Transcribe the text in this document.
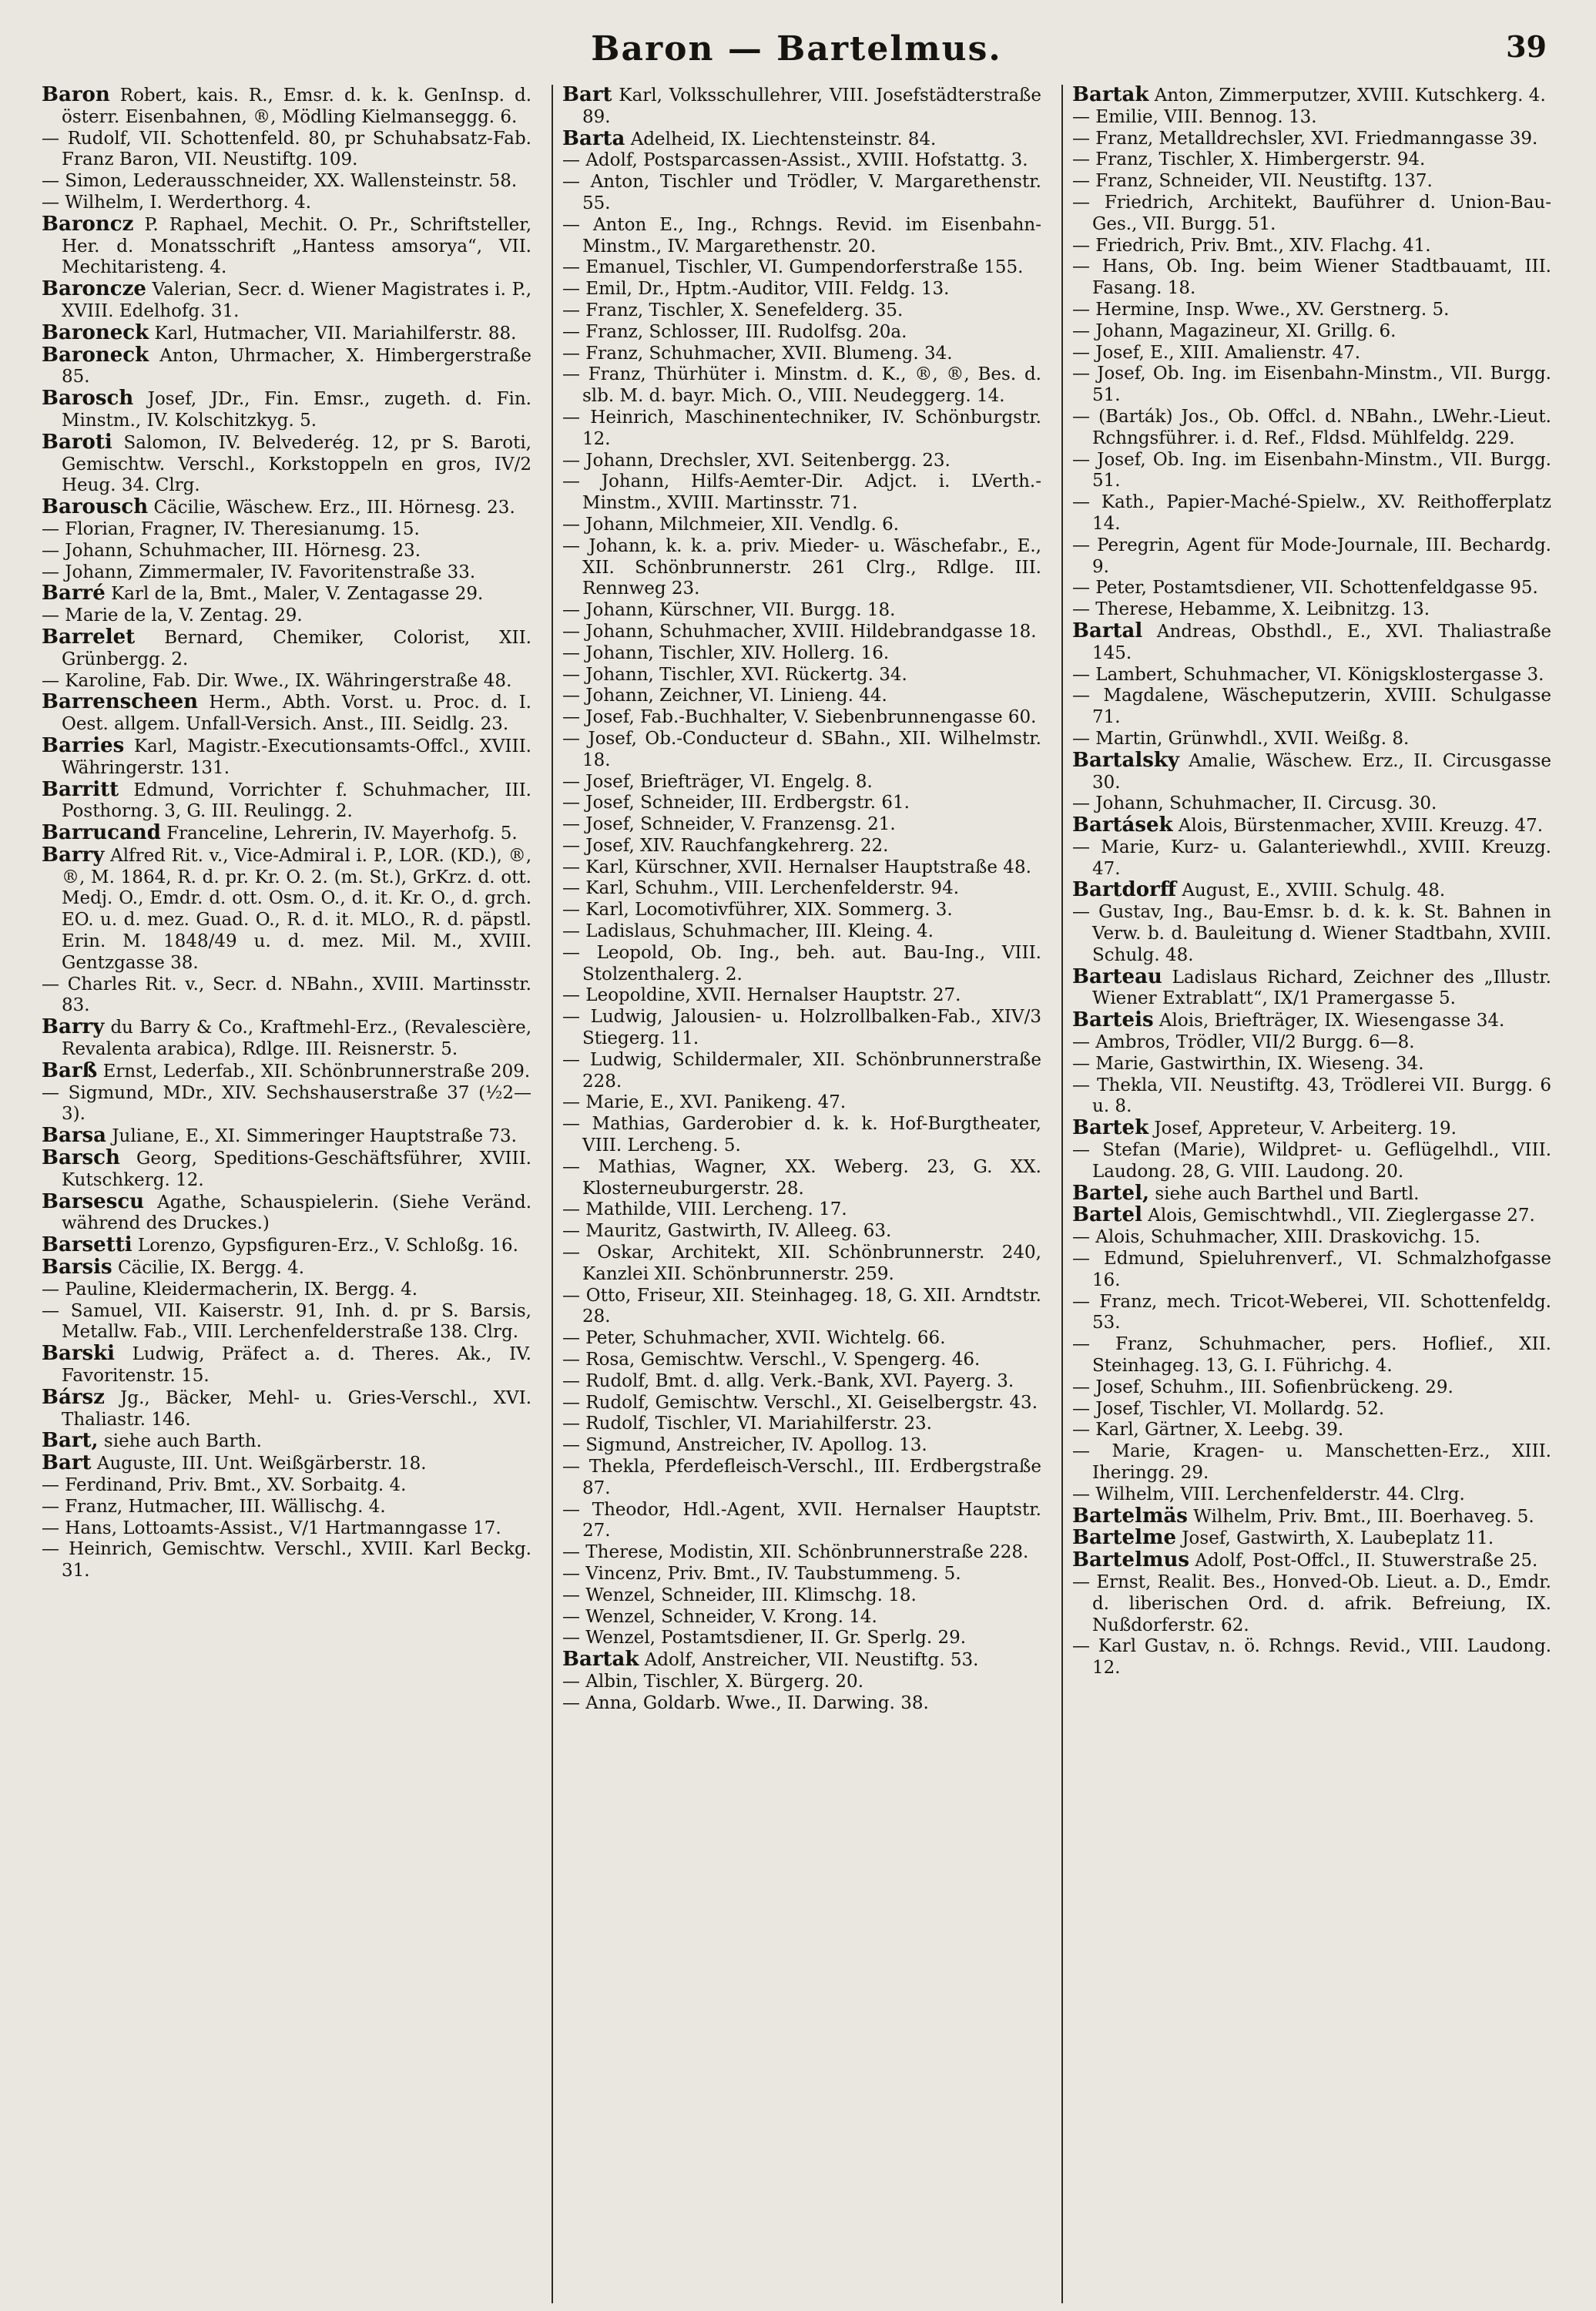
Baron — Bartelmus.	39

Baron Robert, kais. R., Emsr. d. k. k. GenInsp. d. österr. Eisenbahnen, ®, Mödling Kielmanseggg. 6.

— Rudolf, VII. Schottenfeld. 80, pr Schuhabsatz-Fab. Franz Baron, VII. Neustiftg. 109.

— Simon, Lederausschneider, XX. Wallensteinstr. 58.

— Wilhelm, I. Werderthorg. 4.

Baroncz P. Raphael, Mechit. O. Pr., Schriftsteller, Her. d. Monatsschrift „Hantess amsorya“, VII. Mechitaristeng. 4.

Baroncze Valerian, Secr. d. Wiener Magistrates i. P., XVIII. Edelhofg. 31.

Baroneck Karl, Hutmacher, VII. Mariahilferstr. 88.

Baroneck Anton, Uhrmacher, X. Himbergerstraße 85.

Barosch Josef, JDr., Fin. Emsr., zugeth. d. Fin. Minstm., IV. Kolschitzkyg. 5.

Baroti Salomon, IV. Belvederég. 12, pr S. Baroti, Gemischtw. Verschl., Korkstoppeln en gros, IV/2 Heug. 34. Clrg.

Barousch Cäcilie, Wäschew. Erz., III. Hörnesg. 23.

— Florian, Fragner, IV. Theresianumg. 15.

— Johann, Schuhmacher, III. Hörnesg. 23.

— Johann, Zimmermaler, IV. Favoritenstraße 33.

Barré Karl de la, Bmt., Maler, V. Zentagasse 29.

— Marie de la, V. Zentag. 29.

Barrelet Bernard, Chemiker, Colorist, XII. Grünbergg. 2.

— Karoline, Fab. Dir. Wwe., IX. Währingerstraße 48.

Barrenscheen Herm., Abth. Vorst. u. Proc. d. I. Oest. allgem. Unfall-Versich. Anst., III. Seidlg. 23.

Barries Karl, Magistr.-Executionsamts-Offcl., XVIII. Währingerstr. 131.

Barritt Edmund, Vorrichter f. Schuhmacher, III. Posthorng. 3, G. III. Reulingg. 2.

Barrucand Franceline, Lehrerin, IV. Mayerhofg. 5.

Barry Alfred Rit. v., Vice-Admiral i. P., LOR. (KD.), ®, ®, M. 1864, R. d. pr. Kr. O. 2. (m. St.), GrKrz. d. ott. Medj. O., Emdr. d. ott. Osm. O., d. it. Kr. O., d. grch. EO. u. d. mez. Guad. O., R. d. it. MLO., R. d. päpstl. Erin. M. 1848/49 u. d. mez. Mil. M., XVIII. Gentzgasse 38.

— Charles Rit. v., Secr. d. NBahn., XVIII. Martinsstr. 83.

Barry du Barry & Co., Kraftmehl-Erz., (Revalescière, Revalenta arabica), Rdlge. III. Reisnerstr. 5.

Barß Ernst, Lederfab., XII. Schönbrunnerstraße 209.

— Sigmund, MDr., XIV. Sechshauserstraße 37 (½2—3).

Barsa Juliane, E., XI. Simmeringer Hauptstraße 73.

Barsch Georg, Speditions-Geschäftsführer, XVIII. Kutschkerg. 12.

Barsescu Agathe, Schauspielerin. (Siehe Veränd. während des Druckes.)

Barsetti Lorenzo, Gypsfiguren-Erz., V. Schloßg. 16.

Barsis Cäcilie, IX. Bergg. 4.

— Pauline, Kleidermacherin, IX. Bergg. 4.

— Samuel, VII. Kaiserstr. 91, Inh. d. pr S. Barsis, Metallw. Fab., VIII. Lerchenfelderstraße 138. Clrg.

Barski Ludwig, Präfect a. d. Theres. Ak., IV. Favoritenstr. 15.

Bársz Jg., Bäcker, Mehl- u. Gries-Verschl., XVI. Thaliastr. 146.

Bart, siehe auch Barth.

Bart Auguste, III. Unt. Weißgärberstr. 18.

— Ferdinand, Priv. Bmt., XV. Sorbaitg. 4.

— Franz, Hutmacher, III. Wällischg. 4.

— Hans, Lottoamts-Assist., V/1 Hartmanngasse 17.

— Heinrich, Gemischtw. Verschl., XVIII. Karl Beckg. 31.

Bart Karl, Volksschullehrer, VIII. Josefstädterstraße 89.

Barta Adelheid, IX. Liechtensteinstr. 84.

— Adolf, Postsparcassen-Assist., XVIII. Hofstattg. 3.

— Anton, Tischler und Trödler, V. Margarethenstr. 55.

— Anton E., Ing., Rchngs. Revid. im Eisenbahn-Minstm., IV. Margarethenstr. 20.

— Emanuel, Tischler, VI. Gumpendorferstraße 155.

— Emil, Dr., Hptm.-Auditor, VIII. Feldg. 13.

— Franz, Tischler, X. Senefelderg. 35.

— Franz, Schlosser, III. Rudolfsg. 20a.

— Franz, Schuhmacher, XVII. Blumeng. 34.

— Franz, Thürhüter i. Minstm. d. K., ®, ®, Bes. d. slb. M. d. bayr. Mich. O., VIII. Neudeggerg. 14.

— Heinrich, Maschinentechniker, IV. Schönburgstr. 12.

— Johann, Drechsler, XVI. Seitenbergg. 23.

— Johann, Hilfs-Aemter-Dir. Adjct. i. LVerth.-Minstm., XVIII. Martinsstr. 71.

— Johann, Milchmeier, XII. Vendlg. 6.

— Johann, k. k. a. priv. Mieder- u. Wäschefabr., E., XII. Schönbrunnerstr. 261 Clrg., Rdlge. III. Rennweg 23.

— Johann, Kürschner, VII. Burgg. 18.

— Johann, Schuhmacher, XVIII. Hildebrandgasse 18.

— Johann, Tischler, XIV. Hollerg. 16.

— Johann, Tischler, XVI. Rückertg. 34.

— Johann, Zeichner, VI. Linieng. 44.

— Josef, Fab.-Buchhalter, V. Siebenbrunnengasse 60.

— Josef, Ob.-Conducteur d. SBahn., XII. Wilhelmstr. 18.

— Josef, Briefträger, VI. Engelg. 8.

— Josef, Schneider, III. Erdbergstr. 61.

— Josef, Schneider, V. Franzensg. 21.

— Josef, XIV. Rauchfangkehrerg. 22.

— Karl, Kürschner, XVII. Hernalser Hauptstraße 48.

— Karl, Schuhm., VIII. Lerchenfelderstr. 94.

— Karl, Locomotivführer, XIX. Sommerg. 3.

— Ladislaus, Schuhmacher, III. Kleing. 4.

— Leopold, Ob. Ing., beh. aut. Bau-Ing., VIII. Stolzenthalerg. 2.

— Leopoldine, XVII. Hernalser Hauptstr. 27.

— Ludwig, Jalousien- u. Holzrollbalken-Fab., XIV/3 Stiegerg. 11.

— Ludwig, Schildermaler, XII. Schönbrunnerstraße 228.

— Marie, E., XVI. Panikeng. 47.

— Mathias, Garderobier d. k. k. Hof-Burgtheater, VIII. Lercheng. 5.

— Mathias, Wagner, XX. Weberg. 23, G. XX. Klosterneuburgerstr. 28.

— Mathilde, VIII. Lercheng. 17.

— Mauritz, Gastwirth, IV. Alleeg. 63.

— Oskar, Architekt, XII. Schönbrunnerstr. 240, Kanzlei XII. Schönbrunnerstr. 259.

— Otto, Friseur, XII. Steinhageg. 18, G. XII. Arndtstr. 28.

— Peter, Schuhmacher, XVII. Wichtelg. 66.

— Rosa, Gemischtw. Verschl., V. Spengerg. 46.

— Rudolf, Bmt. d. allg. Verk.-Bank, XVI. Payerg. 3.

— Rudolf, Gemischtw. Verschl., XI. Geiselbergstr. 43.

— Rudolf, Tischler, VI. Mariahilferstr. 23.

— Sigmund, Anstreicher, IV. Apollog. 13.

— Thekla, Pferdefleisch-Verschl., III. Erdbergstraße 87.

— Theodor, Hdl.-Agent, XVII. Hernalser Hauptstr. 27.

— Therese, Modistin, XII. Schönbrunnerstraße 228.

— Vincenz, Priv. Bmt., IV. Taubstummeng. 5.

— Wenzel, Schneider, III. Klimschg. 18.

— Wenzel, Schneider, V. Krong. 14.

— Wenzel, Postamtsdiener, II. Gr. Sperlg. 29.

Bartak Adolf, Anstreicher, VII. Neustiftg. 53.

— Albin, Tischler, X. Bürgerg. 20.

— Anna, Goldarb. Wwe., II. Darwing. 38.

Bartak Anton, Zimmerputzer, XVIII. Kutschkerg. 4.

— Emilie, VIII. Bennog. 13.

— Franz, Metalldrechsler, XVI. Friedmanngasse 39.

— Franz, Tischler, X. Himbergerstr. 94.

— Franz, Schneider, VII. Neustiftg. 137.

— Friedrich, Architekt, Bauführer d. Union-Bau-Ges., VII. Burgg. 51.

— Friedrich, Priv. Bmt., XIV. Flachg. 41.

— Hans, Ob. Ing. beim Wiener Stadtbauamt, III. Fasang. 18.

— Hermine, Insp. Wwe., XV. Gerstnerg. 5.

— Johann, Magazineur, XI. Grillg. 6.

— Josef, E., XIII. Amalienstr. 47.

— Josef, Ob. Ing. im Eisenbahn-Minstm., VII. Burgg. 51.

— (Barták) Jos., Ob. Offcl. d. NBahn., LWehr.-Lieut. Rchngsführer. i. d. Ref., Fldsd. Mühlfeldg. 229.

— Josef, Ob. Ing. im Eisenbahn-Minstm., VII. Burgg. 51.

— Kath., Papier-Maché-Spielw., XV. Reithofferplatz 14.

— Peregrin, Agent für Mode-Journale, III. Bechardg. 9.

— Peter, Postamtsdiener, VII. Schottenfeldgasse 95.

— Therese, Hebamme, X. Leibnitzg. 13.

Bartal Andreas, Obsthdl., E., XVI. Thaliastraße 145.

— Lambert, Schuhmacher, VI. Königsklostergasse 3.

— Magdalene, Wäscheputzerin, XVIII. Schulgasse 71.

— Martin, Grünwhdl., XVII. Weißg. 8.

Bartalsky Amalie, Wäschew. Erz., II. Circusgasse 30.

— Johann, Schuhmacher, II. Circusg. 30.

Bartásek Alois, Bürstenmacher, XVIII. Kreuzg. 47.

— Marie, Kurz- u. Galanteriewhdl., XVIII. Kreuzg. 47.

Bartdorff August, E., XVIII. Schulg. 48.

— Gustav, Ing., Bau-Emsr. b. d. k. k. St. Bahnen in Verw. b. d. Bauleitung d. Wiener Stadtbahn, XVIII. Schulg. 48.

Barteau Ladislaus Richard, Zeichner des „Illustr. Wiener Extrablatt“, IX/1 Pramergasse 5.

Barteis Alois, Briefträger, IX. Wiesengasse 34.

— Ambros, Trödler, VII/2 Burgg. 6—8.

— Marie, Gastwirthin, IX. Wieseng. 34.

— Thekla, VII. Neustiftg. 43, Trödlerei VII. Burgg. 6 u. 8.

Bartek Josef, Appreteur, V. Arbeiterg. 19.

— Stefan (Marie), Wildpret- u. Geflügelhdl., VIII. Laudong. 28, G. VIII. Laudong. 20.

Bartel, siehe auch Barthel und Bartl.

Bartel Alois, Gemischtwhdl., VII. Zieglergasse 27.

— Alois, Schuhmacher, XIII. Draskovichg. 15.

— Edmund, Spieluhrenverf., VI. Schmalzhofgasse 16.

— Franz, mech. Tricot-Weberei, VII. Schottenfeldg. 53.

— Franz, Schuhmacher, pers. Hoflief., XII. Steinhageg. 13, G. I. Führichg. 4.

— Josef, Schuhm., III. Sofienbrückeng. 29.

— Josef, Tischler, VI. Mollardg. 52.

— Karl, Gärtner, X. Leebg. 39.

— Marie, Kragen- u. Manschetten-Erz., XIII. Iheringg. 29.

— Wilhelm, VIII. Lerchenfelderstr. 44. Clrg.

Bartelmäs Wilhelm, Priv. Bmt., III. Boerhaveg. 5.

Bartelme Josef, Gastwirth, X. Laubeplatz 11.

Bartelmus Adolf, Post-Offcl., II. Stuwerstraße 25.

— Ernst, Realit. Bes., Honved-Ob. Lieut. a. D., Emdr. d. liberischen Ord. d. afrik. Befreiung, IX. Nußdorferstr. 62.

— Karl Gustav, n. ö. Rchngs. Revid., VIII. Laudong. 12.
